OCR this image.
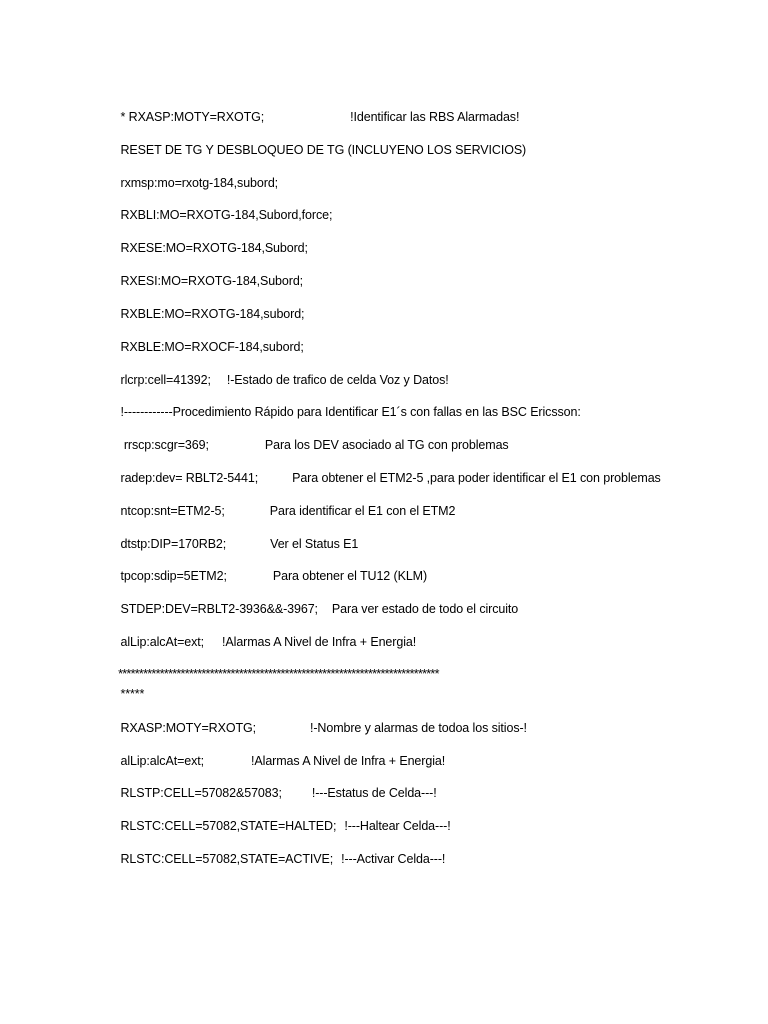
* RXASP:MOTY=RXOTG;	!Identificar las RBS Alarmadas!

RESET DE TG Y DESBLOQUEO DE TG (INCLUYENO LOS SERVICIOS)

rxmsp:mo=rxotg-184,subord;

RXBLI:MO=RXOTG-184,Subord,force;

RXESE:MO=RXOTG-184,Subord;

RXESI:MO=RXOTG-184,Subord;

RXBLE:MO=RXOTG-184,subord;

RXBLE:MO=RXOCF-184,subord;

rlcrp:cell=41392; !-Estado de trafico de celda Voz y Datos!

!------------Procedimiento Rápido para Identificar E1´s con fallas en las BSC Ericsson:

rrscp:scgr=369;	Para los DEV asociado al TG con problemas

radep:dev= RBLT2-5441;	Para obtener el ETM2-5 ,para poder identificar el E1 con problemas

ntcop:snt=ETM2-5;	Para identificar el E1 con el ETM2

dtstp:DIP=170RB2;	Ver el Status E1

tpcop:sdip=5ETM2;	Para obtener el TU12 (KLM)

STDEP:DEV=RBLT2-3936&&-3967; Para ver estado de todo el circuito

alLip:alcAt=ext; !Alarmas A Nivel de Infra + Energia!

*****************************************************************************

*****

RXASP:MOTY=RXOTG;	!-Nombre y alarmas de todoa los sitios-!

alLip:alcAt=ext;	!Alarmas A Nivel de Infra + Energia!

RLSTP:CELL=57082&57083; !---Estatus de Celda---!

RLSTC:CELL=57082,STATE=HALTED; !---Haltear Celda---!

RLSTC:CELL=57082,STATE=ACTIVE; !---Activar Celda---!
